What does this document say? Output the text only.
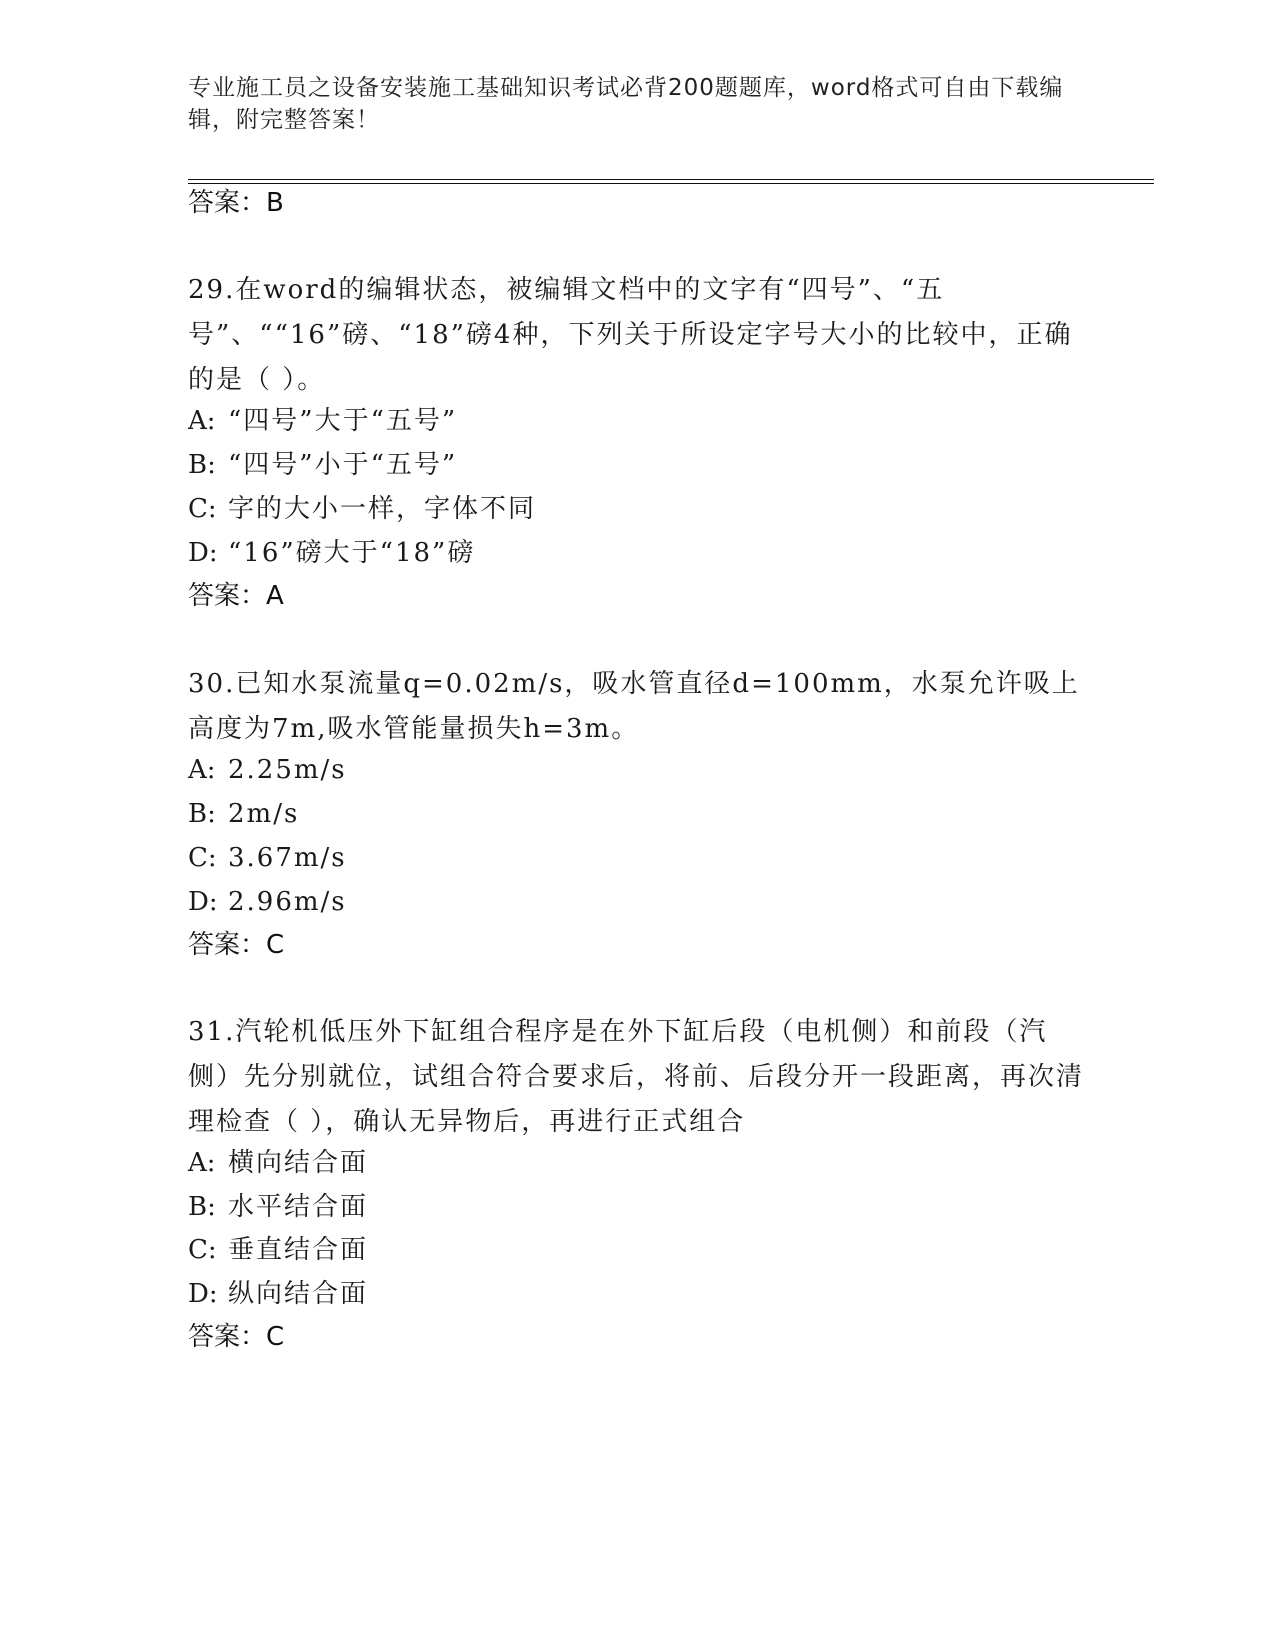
专业施工员之设备安装施工基础知识考试必背200题题库，word格式可自由下载编辑，附完整答案！
答案：B
29.在word的编辑状态，被编辑文档中的文字有“四号”、“五号”、““16”磅、“18”磅4种，下列关于所设定字号大小的比较中，正确的是（ ）。
A: “四号”大于“五号”
B: “四号”小于“五号”
C: 字的大小一样，字体不同
D: “16”磅大于“18”磅
答案：A
30.已知水泵流量q=0.02m/s，吸水管直径d=100mm，水泵允许吸上高度为7m,吸水管能量损失h=3m。
A: 2.25m/s
B: 2m/s
C: 3.67m/s
D: 2.96m/s
答案：C
31.汽轮机低压外下缸组合程序是在外下缸后段（电机侧）和前段（汽侧）先分别就位，试组合符合要求后，将前、后段分开一段距离，再次清理检查（ ），确认无异物后，再进行正式组合
A: 横向结合面
B: 水平结合面
C: 垂直结合面
D: 纵向结合面
答案：C
